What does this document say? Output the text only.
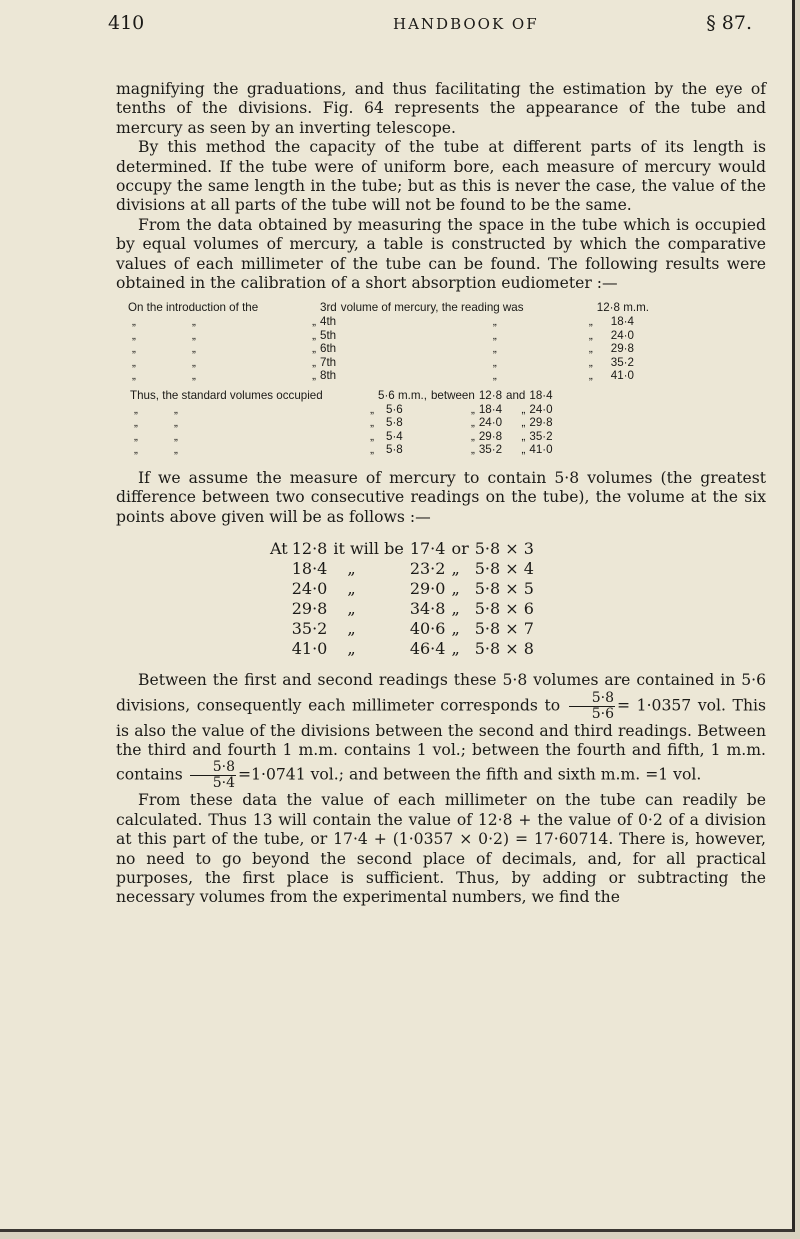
410	HANDBOOK OF	§ 87.

magnifying the graduations, and thus facilitating the estimation by the eye of tenths of the divisions. Fig. 64 represents the appearance of the tube and mercury as seen by an inverting telescope.

By this method the capacity of the tube at different parts of its length is determined. If the tube were of uniform bore, each measure of mercury would occupy the same length in the tube; but as this is never the case, the value of the divisions at all parts of the tube will not be found to be the same.

From the data obtained by measuring the space in the tube which is occupied by equal volumes of mercury, a table is constructed by which the comparative values of each millimeter of the tube can be found. The following results were obtained in the calibration of a short absorption eudiometer :—

On the introduction of the			3rd	volume of mercury, the reading was		12·8 m.m.
„	„	„	4th	„	„	18·4
„	„	„	5th	„	„	24·0
„	„	„	6th	„	„	29·8
„	„	„	7th	„	„	35·2
„	„	„	8th	„	„	41·0
Thus, the standard volumes occupied			5·6 m.m.,	between	12·8	and	18·4
„	„	„	5·6	„	18·4	„	24·0
„	„	„	5·8	„	24·0	„	29·8
„	„	„	5·4	„	29·8	„	35·2
„	„	„	5·8	„	35·2	„	41·0

If we assume the measure of mercury to contain 5·8 volumes (the greatest difference between two consecutive readings on the tube), the volume at the six points above given will be as follows :—

At	12·8	it will be	17·4	or	5·8 × 3
	18·4	„	23·2	„	5·8 × 4
	24·0	„	29·0	„	5·8 × 5
	29·8	„	34·8	„	5·8 × 6
	35·2	„	40·6	„	5·8 × 7
	41·0	„	46·4	„	5·8 × 8

Between the first and second readings these 5·8 volumes are contained in 5·6 divisions, consequently each millimeter corresponds to $\frac{5\cdot 8}{5\cdot 6} = 1\cdot 0357$ vol. This is also the value of the divisions between the second and third readings. Between the third and fourth 1 m.m. contains 1 vol.; between the fourth and fifth, 1 m.m. contains $\frac{5\cdot 8}{5\cdot 4} =1\cdot 0741$ vol.; and between the fifth and sixth m.m. =1 vol.

From these data the value of each millimeter on the tube can readily be calculated. Thus 13 will contain the value of 12·8 + the value of 0·2 of a division at this part of the tube, or 17·4 + (1·0357 × 0·2) = 17·60714. There is, however, no need to go beyond the second place of decimals, and, for all practical purposes, the first place is sufficient. Thus, by adding or subtracting the necessary volumes from the experimental numbers, we find the
